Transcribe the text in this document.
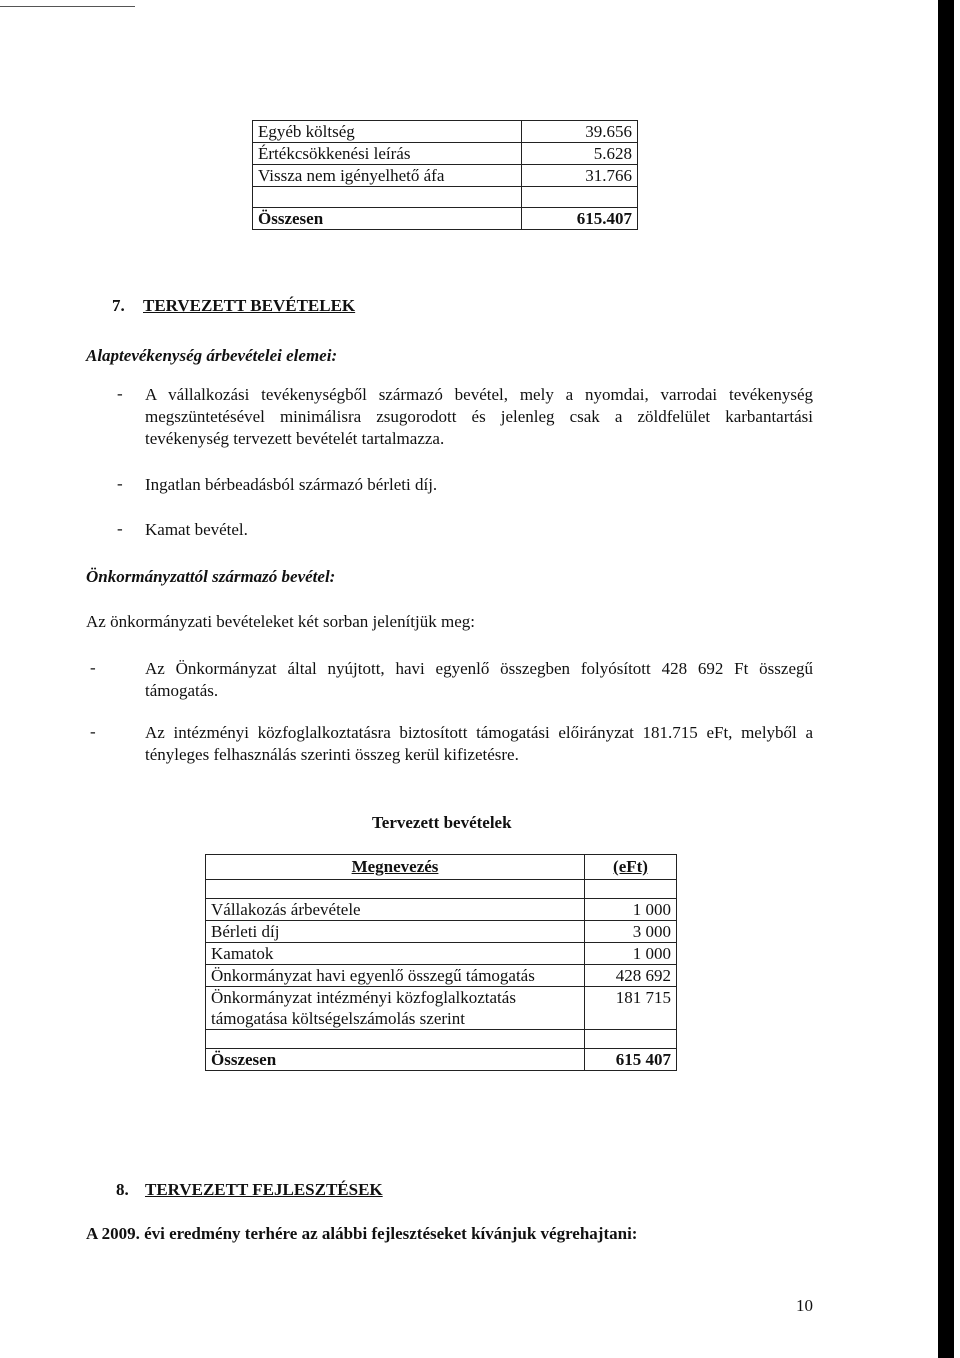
Egyéb költség	39.656
Értékcsökkenési leírás	5.628
Vissza nem igényelhető áfa	31.766

Összesen	615.407
7. TERVEZETT BEVÉTELEK
Alaptevékenység árbevételei elemei:
- A vállalkozási tevékenységből származó bevétel, mely a nyomdai, varrodai tevékenység megszüntetésével minimálisra zsugorodott és jelenleg csak a zöldfelület karbantartási tevékenység tervezett bevételét tartalmazza.

- Ingatlan bérbeadásból származó bérleti díj.

- Kamat bevétel.

Önkormányzattól származó bevétel:

Az önkormányzati bevételeket két sorban jelenítjük meg:

-	Az Önkormányzat által nyújtott, havi egyenlő összegben folyósított 428 692 Ft összegű támogatás.

-	Az intézményi közfoglalkoztatásra biztosított támogatási előirányzat 181.715 eFt, melyből a tényleges felhasználás szerinti összeg kerül kifizetésre.

Tervezett bevételek
Megnevezés	(eFt)

Vállakozás árbevétele	1 000
Bérleti díj	3 000
Kamatok	1 000
Önkormányzat havi egyenlő összegű támogatás	428 692
Önkormányzat intézményi közfoglalkoztatás támogatása költségelszámolás szerint	181 715

Összesen	615 407
8. TERVEZETT FEJLESZTÉSEK
A 2009. évi eredmény terhére az alábbi fejlesztéseket kívánjuk végrehajtani:
10
